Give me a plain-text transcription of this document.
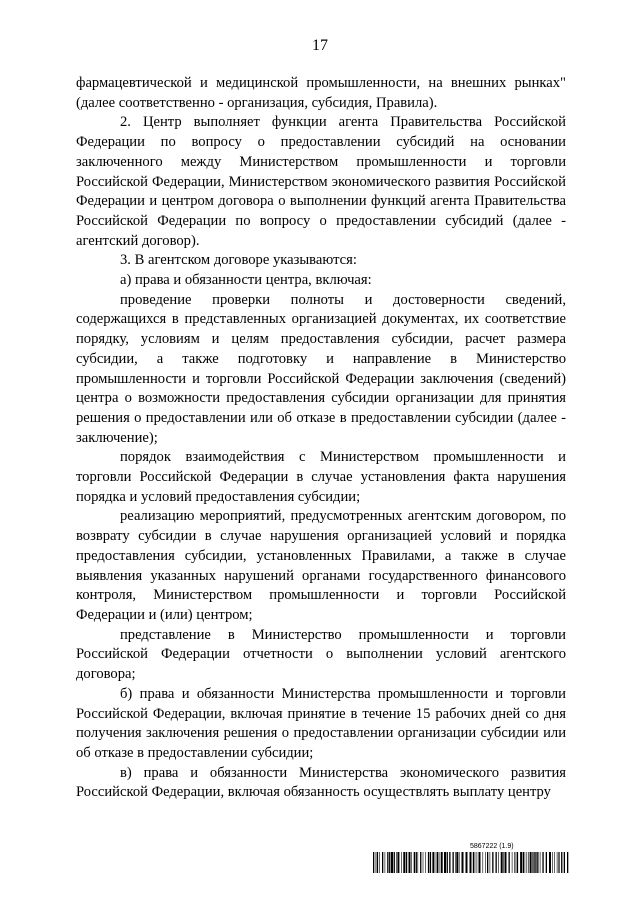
17

фармацевтической и медицинской промышленности, на внешних рынках" (далее соответственно - организация, субсидия, Правила).

2. Центр выполняет функции агента Правительства Российской Федерации по вопросу о предоставлении субсидий на основании заключенного между Министерством промышленности и торговли Российской Федерации, Министерством экономического развития Российской Федерации и центром договора о выполнении функций агента Правительства Российской Федерации по вопросу о предоставлении субсидий (далее - агентский договор).

3. В агентском договоре указываются:

а) права и обязанности центра, включая:

проведение проверки полноты и достоверности сведений, содержащихся в представленных организацией документах, их соответствие порядку, условиям и целям предоставления субсидии, расчет размера субсидии, а также подготовку и направление в Министерство промышленности и торговли Российской Федерации заключения (сведений) центра о возможности предоставления субсидии организации для принятия решения о предоставлении или об отказе в предоставлении субсидии (далее - заключение);

порядок взаимодействия с Министерством промышленности и торговли Российской Федерации в случае установления факта нарушения порядка и условий предоставления субсидии;

реализацию мероприятий, предусмотренных агентским договором, по возврату субсидии в случае нарушения организацией условий и порядка предоставления субсидии, установленных Правилами, а также в случае выявления указанных нарушений органами государственного финансового контроля, Министерством промышленности и торговли Российской Федерации и (или) центром;

представление в Министерство промышленности и торговли Российской Федерации отчетности о выполнении условий агентского договора;

б) права и обязанности Министерства промышленности и торговли Российской Федерации, включая принятие в течение 15 рабочих дней со дня получения заключения решения о предоставлении организации субсидии или об отказе в предоставлении субсидии;

в) права и обязанности Министерства экономического развития Российской Федерации, включая обязанность осуществлять выплату центру

5867222 (1.9)
